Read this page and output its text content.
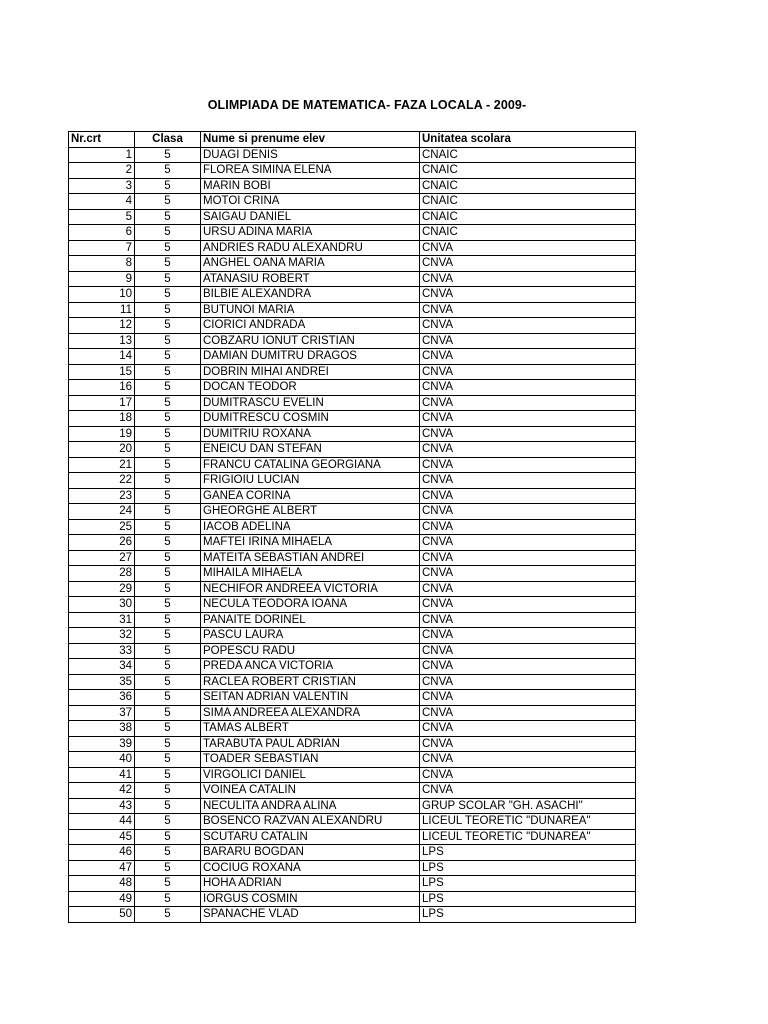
OLIMPIADA DE MATEMATICA- FAZA LOCALA - 2009-
Nr.crt	Clasa	Nume si prenume elev	Unitatea scolara
1	5	DUAGI DENIS	CNAIC
2	5	FLOREA SIMINA ELENA	CNAIC
3	5	MARIN BOBI	CNAIC
4	5	MOTOI CRINA	CNAIC
5	5	SAIGAU DANIEL	CNAIC
6	5	URSU ADINA MARIA	CNAIC
7	5	ANDRIES RADU ALEXANDRU	CNVA
8	5	ANGHEL OANA MARIA	CNVA
9	5	ATANASIU ROBERT	CNVA
10	5	BILBIE ALEXANDRA	CNVA
11	5	BUTUNOI MARIA	CNVA
12	5	CIORICI ANDRADA	CNVA
13	5	COBZARU IONUT CRISTIAN	CNVA
14	5	DAMIAN DUMITRU DRAGOS	CNVA
15	5	DOBRIN MIHAI ANDREI	CNVA
16	5	DOCAN TEODOR	CNVA
17	5	DUMITRASCU EVELIN	CNVA
18	5	DUMITRESCU COSMIN	CNVA
19	5	DUMITRIU ROXANA	CNVA
20	5	ENEICU DAN STEFAN	CNVA
21	5	FRANCU CATALINA GEORGIANA	CNVA
22	5	FRIGIOIU LUCIAN	CNVA
23	5	GANEA CORINA	CNVA
24	5	GHEORGHE ALBERT	CNVA
25	5	IACOB ADELINA	CNVA
26	5	MAFTEI IRINA MIHAELA	CNVA
27	5	MATEITA SEBASTIAN ANDREI	CNVA
28	5	MIHAILA MIHAELA	CNVA
29	5	NECHIFOR ANDREEA VICTORIA	CNVA
30	5	NECULA TEODORA IOANA	CNVA
31	5	PANAITE DORINEL	CNVA
32	5	PASCU LAURA	CNVA
33	5	POPESCU RADU	CNVA
34	5	PREDA ANCA VICTORIA	CNVA
35	5	RACLEA ROBERT CRISTIAN	CNVA
36	5	SEITAN ADRIAN VALENTIN	CNVA
37	5	SIMA ANDREEA ALEXANDRA	CNVA
38	5	TAMAS ALBERT	CNVA
39	5	TARABUTA PAUL ADRIAN	CNVA
40	5	TOADER SEBASTIAN	CNVA
41	5	VIRGOLICI DANIEL	CNVA
42	5	VOINEA CATALIN	CNVA
43	5	NECULITA ANDRA ALINA	GRUP SCOLAR "GH. ASACHI"
44	5	BOSENCO RAZVAN ALEXANDRU	LICEUL TEORETIC "DUNAREA"
45	5	SCUTARU CATALIN	LICEUL TEORETIC "DUNAREA"
46	5	BARARU BOGDAN	LPS
47	5	COCIUG ROXANA	LPS
48	5	HOHA ADRIAN	LPS
49	5	IORGUS COSMIN	LPS
50	5	SPANACHE VLAD	LPS
